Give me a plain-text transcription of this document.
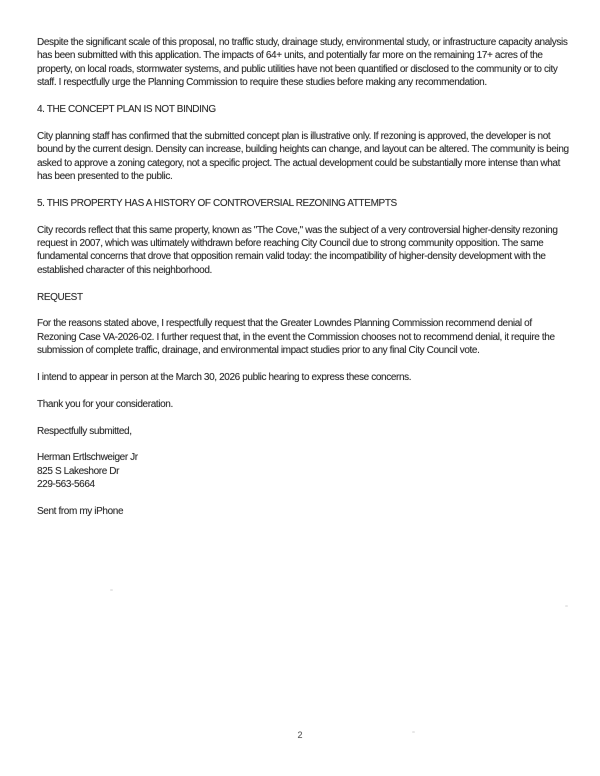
Despite the significant scale of this proposal, no traffic study, drainage study, environmental study, or infrastructure capacity analysis has been submitted with this application. The impacts of 64+ units, and potentially far more on the remaining 17+ acres of the property, on local roads, stormwater systems, and public utilities have not been quantified or disclosed to the community or to city staff. I respectfully urge the Planning Commission to require these studies before making any recommendation.

4. THE CONCEPT PLAN IS NOT BINDING

City planning staff has confirmed that the submitted concept plan is illustrative only. If rezoning is approved, the developer is not bound by the current design. Density can increase, building heights can change, and layout can be altered. The community is being asked to approve a zoning category, not a specific project. The actual development could be substantially more intense than what has been presented to the public.

5. THIS PROPERTY HAS A HISTORY OF CONTROVERSIAL REZONING ATTEMPTS

City records reflect that this same property, known as "The Cove," was the subject of a very controversial higher-density rezoning request in 2007, which was ultimately withdrawn before reaching City Council due to strong community opposition. The same fundamental concerns that drove that opposition remain valid today: the incompatibility of higher-density development with the established character of this neighborhood.

REQUEST

For the reasons stated above, I respectfully request that the Greater Lowndes Planning Commission recommend denial of Rezoning Case VA-2026-02. I further request that, in the event the Commission chooses not to recommend denial, it require the submission of complete traffic, drainage, and environmental impact studies prior to any final City Council vote.

I intend to appear in person at the March 30, 2026 public hearing to express these concerns.

Thank you for your consideration.

Respectfully submitted,

Herman Ertlschweiger Jr
825 S Lakeshore Dr
229-563-5664

Sent from my iPhone

2
